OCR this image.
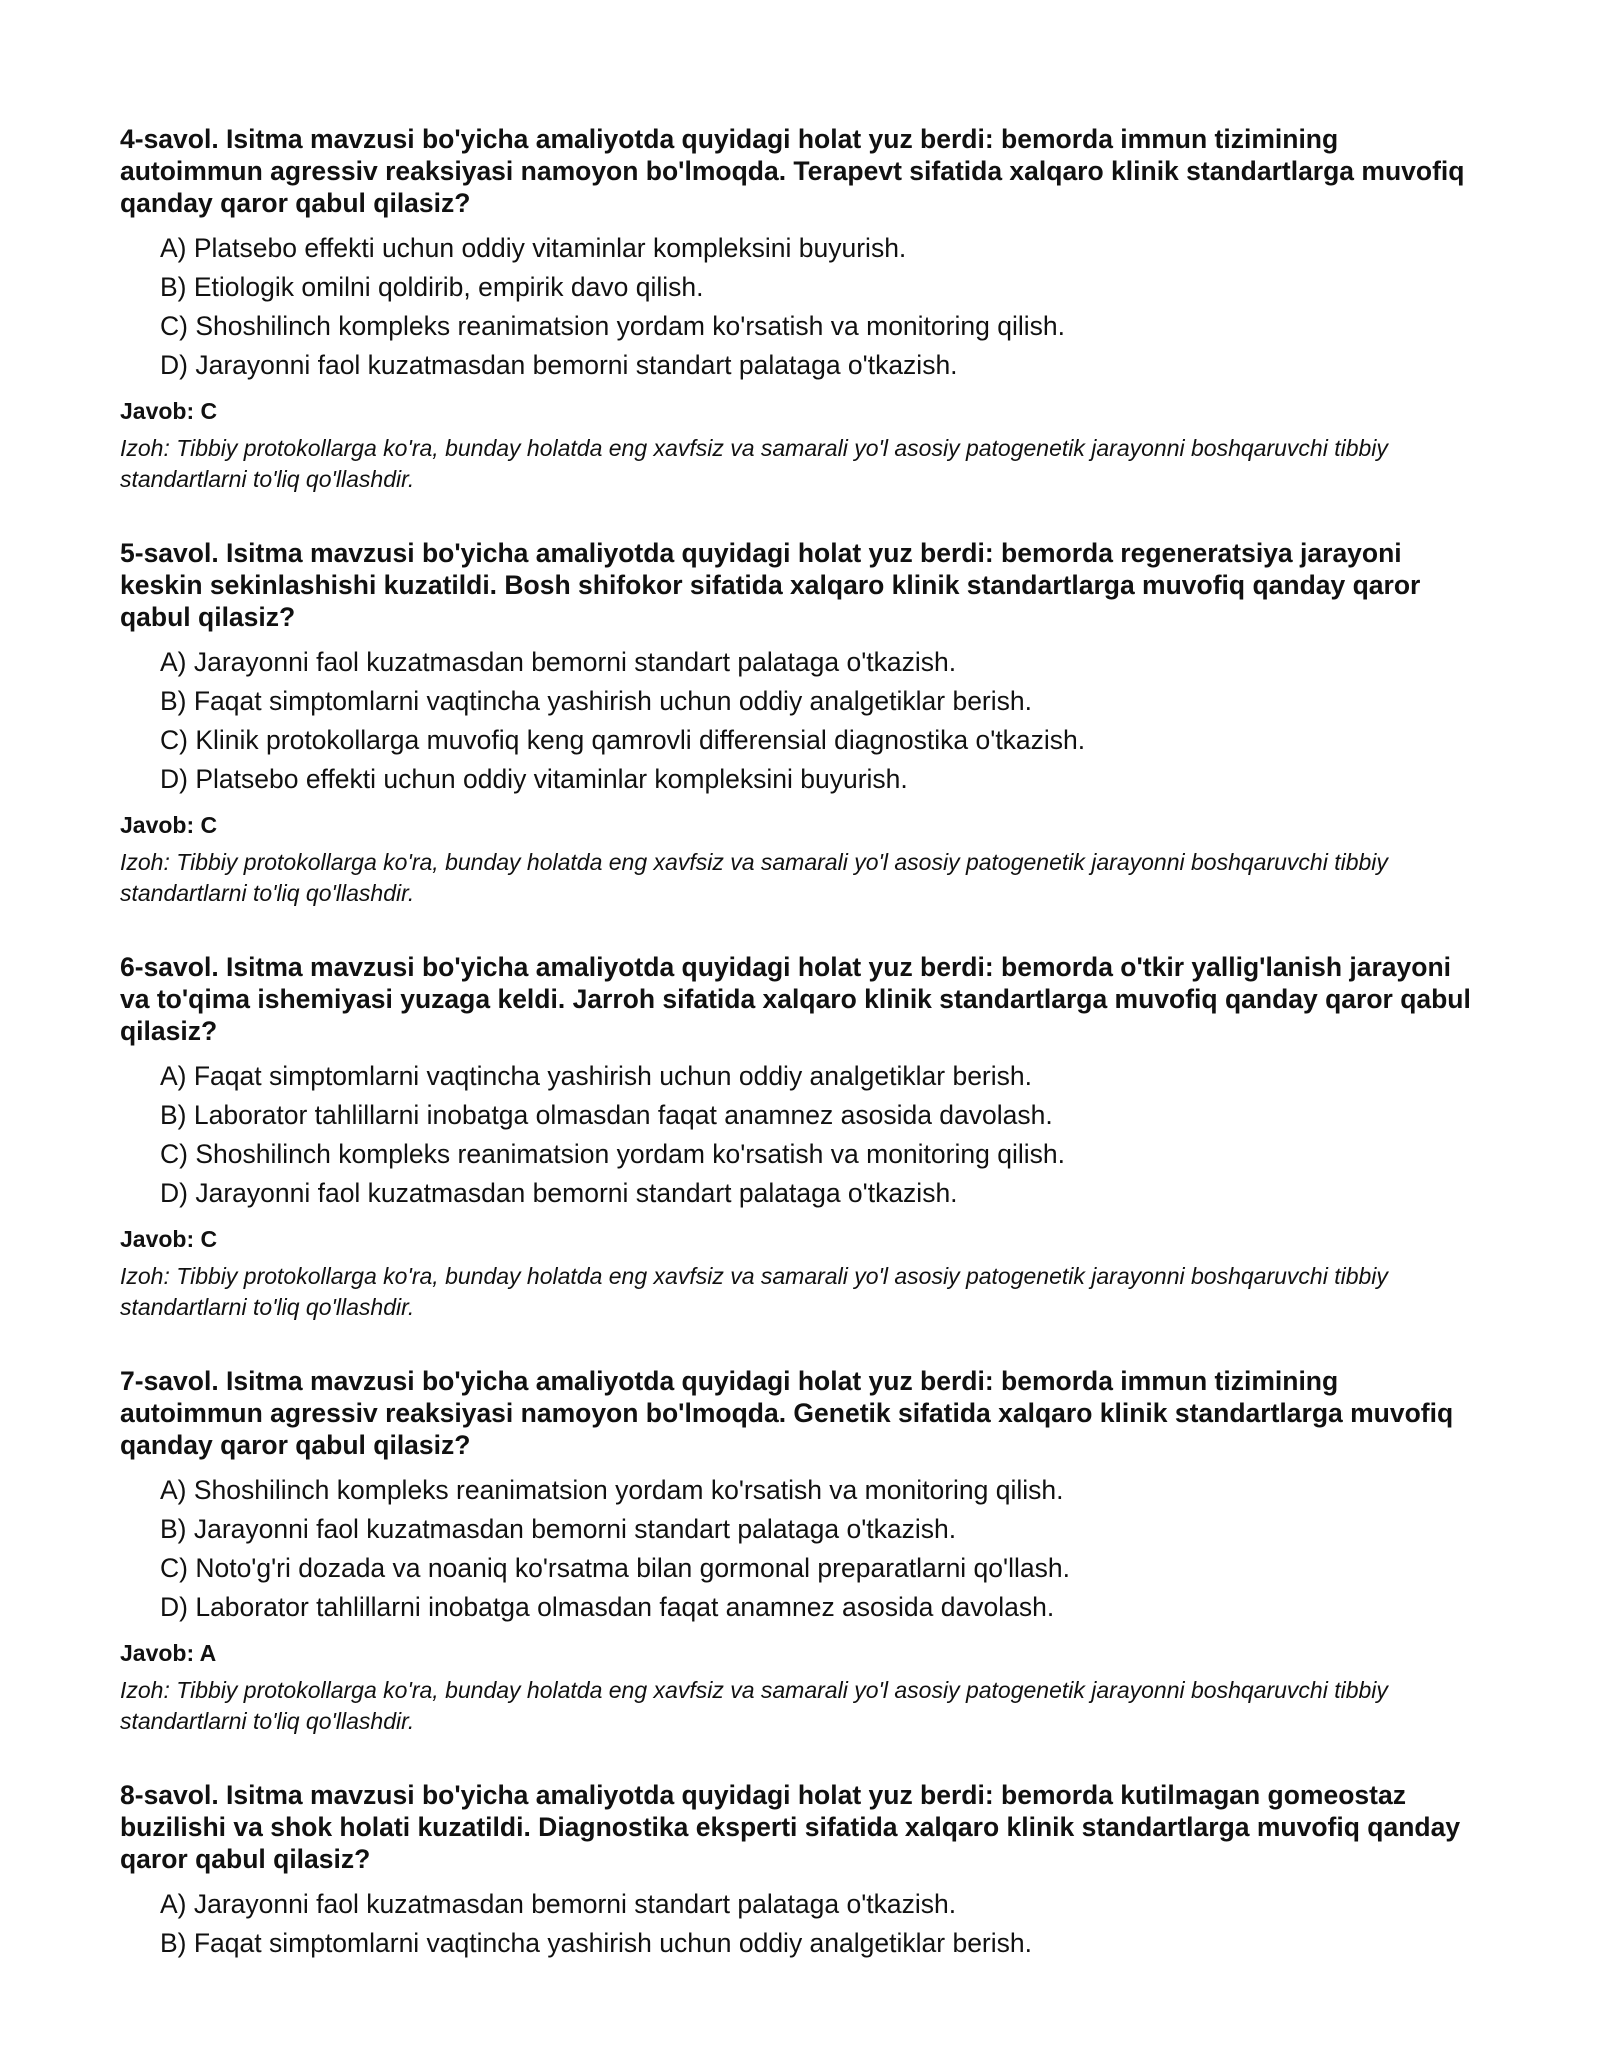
4-savol. Isitma mavzusi bo'yicha amaliyotda quyidagi holat yuz berdi: bemorda immun tizimining autoimmun agressiv reaksiyasi namoyon bo'lmoqda. Terapevt sifatida xalqaro klinik standartlarga muvofiq qanday qaror qabul qilasiz?
A) Platsebo effekti uchun oddiy vitaminlar kompleksini buyurish.
B) Etiologik omilni qoldirib, empirik davo qilish.
C) Shoshilinch kompleks reanimatsion yordam ko'rsatish va monitoring qilish.
D) Jarayonni faol kuzatmasdan bemorni standart palataga o'tkazish.
Javob: C
Izoh: Tibbiy protokollarga ko'ra, bunday holatda eng xavfsiz va samarali yo'l asosiy patogenetik jarayonni boshqaruvchi tibbiy standartlarni to'liq qo'llashdir.
5-savol. Isitma mavzusi bo'yicha amaliyotda quyidagi holat yuz berdi: bemorda regeneratsiya jarayoni keskin sekinlashishi kuzatildi. Bosh shifokor sifatida xalqaro klinik standartlarga muvofiq qanday qaror qabul qilasiz?
A) Jarayonni faol kuzatmasdan bemorni standart palataga o'tkazish.
B) Faqat simptomlarni vaqtincha yashirish uchun oddiy analgetiklar berish.
C) Klinik protokollarga muvofiq keng qamrovli differensial diagnostika o'tkazish.
D) Platsebo effekti uchun oddiy vitaminlar kompleksini buyurish.
Javob: C
Izoh: Tibbiy protokollarga ko'ra, bunday holatda eng xavfsiz va samarali yo'l asosiy patogenetik jarayonni boshqaruvchi tibbiy standartlarni to'liq qo'llashdir.
6-savol. Isitma mavzusi bo'yicha amaliyotda quyidagi holat yuz berdi: bemorda o'tkir yallig'lanish jarayoni va to'qima ishemiyasi yuzaga keldi. Jarroh sifatida xalqaro klinik standartlarga muvofiq qanday qaror qabul qilasiz?
A) Faqat simptomlarni vaqtincha yashirish uchun oddiy analgetiklar berish.
B) Laborator tahlillarni inobatga olmasdan faqat anamnez asosida davolash.
C) Shoshilinch kompleks reanimatsion yordam ko'rsatish va monitoring qilish.
D) Jarayonni faol kuzatmasdan bemorni standart palataga o'tkazish.
Javob: C
Izoh: Tibbiy protokollarga ko'ra, bunday holatda eng xavfsiz va samarali yo'l asosiy patogenetik jarayonni boshqaruvchi tibbiy standartlarni to'liq qo'llashdir.
7-savol. Isitma mavzusi bo'yicha amaliyotda quyidagi holat yuz berdi: bemorda immun tizimining autoimmun agressiv reaksiyasi namoyon bo'lmoqda. Genetik sifatida xalqaro klinik standartlarga muvofiq qanday qaror qabul qilasiz?
A) Shoshilinch kompleks reanimatsion yordam ko'rsatish va monitoring qilish.
B) Jarayonni faol kuzatmasdan bemorni standart palataga o'tkazish.
C) Noto'g'ri dozada va noaniq ko'rsatma bilan gormonal preparatlarni qo'llash.
D) Laborator tahlillarni inobatga olmasdan faqat anamnez asosida davolash.
Javob: A
Izoh: Tibbiy protokollarga ko'ra, bunday holatda eng xavfsiz va samarali yo'l asosiy patogenetik jarayonni boshqaruvchi tibbiy standartlarni to'liq qo'llashdir.
8-savol. Isitma mavzusi bo'yicha amaliyotda quyidagi holat yuz berdi: bemorda kutilmagan gomeostaz buzilishi va shok holati kuzatildi. Diagnostika eksperti sifatida xalqaro klinik standartlarga muvofiq qanday qaror qabul qilasiz?
A) Jarayonni faol kuzatmasdan bemorni standart palataga o'tkazish.
B) Faqat simptomlarni vaqtincha yashirish uchun oddiy analgetiklar berish.
